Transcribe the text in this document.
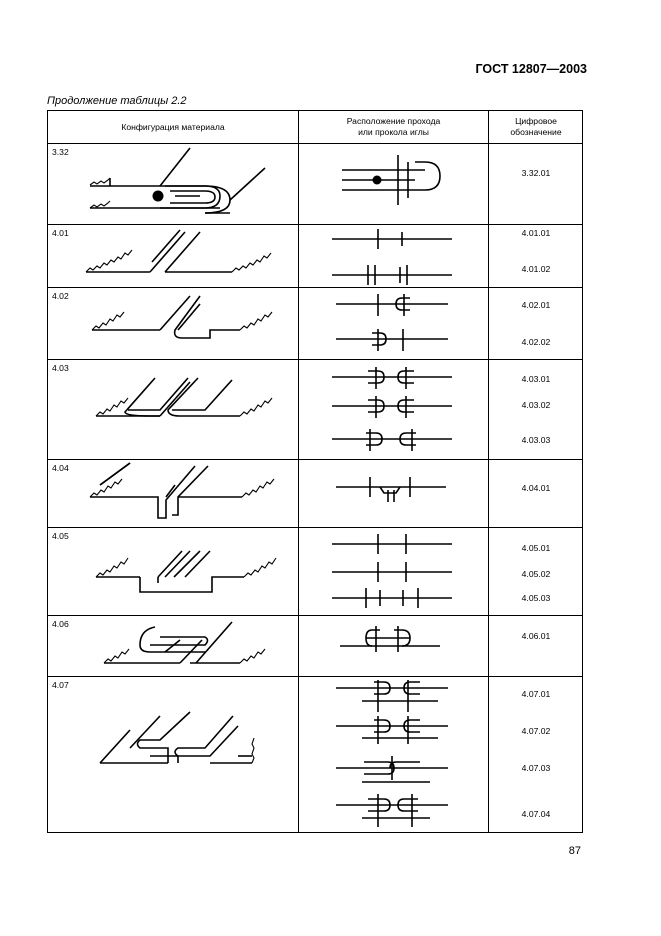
ГОСТ 12807—2003
Продолжение таблицы 2.2
Конфигурация материала
Расположение прохода
или прокола иглы
Цифровое
обозначение
3.32
4.01
4.02
4.03
4.04
4.05
4.06
4.07
3.32.01
4.01.01
4.01.02
4.02.01
4.02.02
4.03.01
4.03.02
4.03.03
4.04.01
4.05.01
4.05.02
4.05.03
4.06.01
4.07.01
4.07.02
4.07.03
4.07.04
87
